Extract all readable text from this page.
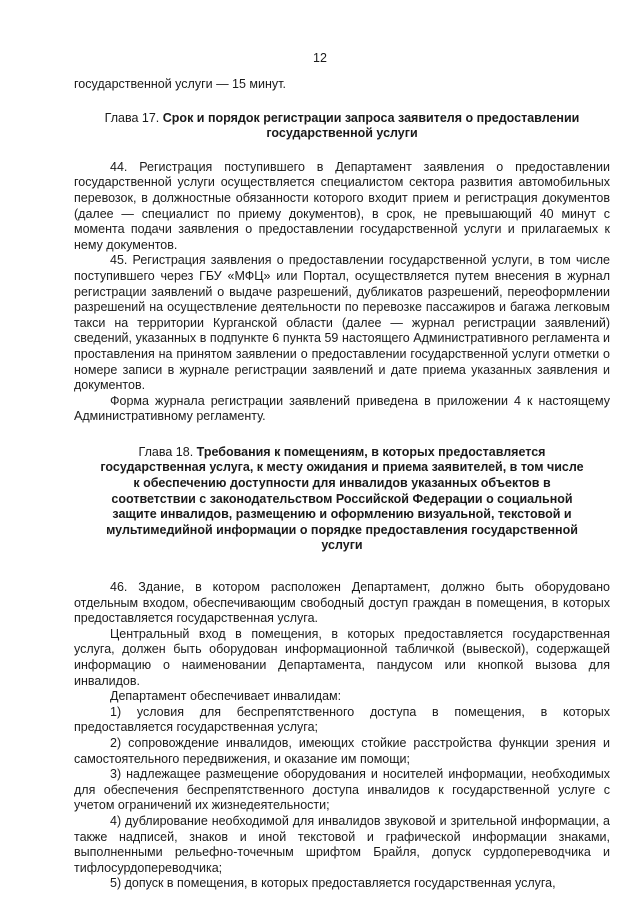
12

государственной услуги — 15 минут.

Глава 17. Срок и порядок регистрации запроса заявителя о предоставлении государственной услуги

44. Регистрация поступившего в Департамент заявления о предоставлении государственной услуги осуществляется специалистом сектора развития автомобильных перевозок, в должностные обязанности которого входит прием и регистрация документов (далее — специалист по приему документов), в срок, не превышающий 40 минут с момента подачи заявления о предоставлении государственной услуги и прилагаемых к нему документов.

45. Регистрация заявления о предоставлении государственной услуги, в том числе поступившего через ГБУ «МФЦ» или Портал, осуществляется путем внесения в журнал регистрации заявлений о выдаче разрешений, дубликатов разрешений, переоформлении разрешений на осуществление деятельности по перевозке пассажиров и багажа легковым такси на территории Курганской области (далее — журнал регистрации заявлений) сведений, указанных в подпункте 6 пункта 59 настоящего Административного регламента и проставления на принятом заявлении о предоставлении государственной услуги отметки о номере записи в журнале регистрации заявлений и дате приема указанных заявления и документов.

Форма журнала регистрации заявлений приведена в приложении 4 к настоящему Административному регламенту.

Глава 18. Требования к помещениям, в которых предоставляется государственная услуга, к месту ожидания и приема заявителей, в том числе к обеспечению доступности для инвалидов указанных объектов в соответствии с законодательством Российской Федерации о социальной защите инвалидов, размещению и оформлению визуальной, текстовой и мультимедийной информации о порядке предоставления государственной услуги

46. Здание, в котором расположен Департамент, должно быть оборудовано отдельным входом, обеспечивающим свободный доступ граждан в помещения, в которых предоставляется государственная услуга.

Центральный вход в помещения, в которых предоставляется государственная услуга, должен быть оборудован информационной табличкой (вывеской), содержащей информацию о наименовании Департамента, пандусом или кнопкой вызова для инвалидов.

Департамент обеспечивает инвалидам:

1) условия для беспрепятственного доступа в помещения, в которых предоставляется государственная услуга;

2) сопровождение инвалидов, имеющих стойкие расстройства функции зрения и самостоятельного передвижения, и оказание им помощи;

3) надлежащее размещение оборудования и носителей информации, необходимых для обеспечения беспрепятственного доступа инвалидов к государственной услуге с учетом ограничений их жизнедеятельности;

4) дублирование необходимой для инвалидов звуковой и зрительной информации, а также надписей, знаков и иной текстовой и графической информации знаками, выполненными рельефно-точечным шрифтом Брайля, допуск сурдопереводчика и тифлосурдопереводчика;

5) допуск в помещения, в которых предоставляется государственная услуга,
